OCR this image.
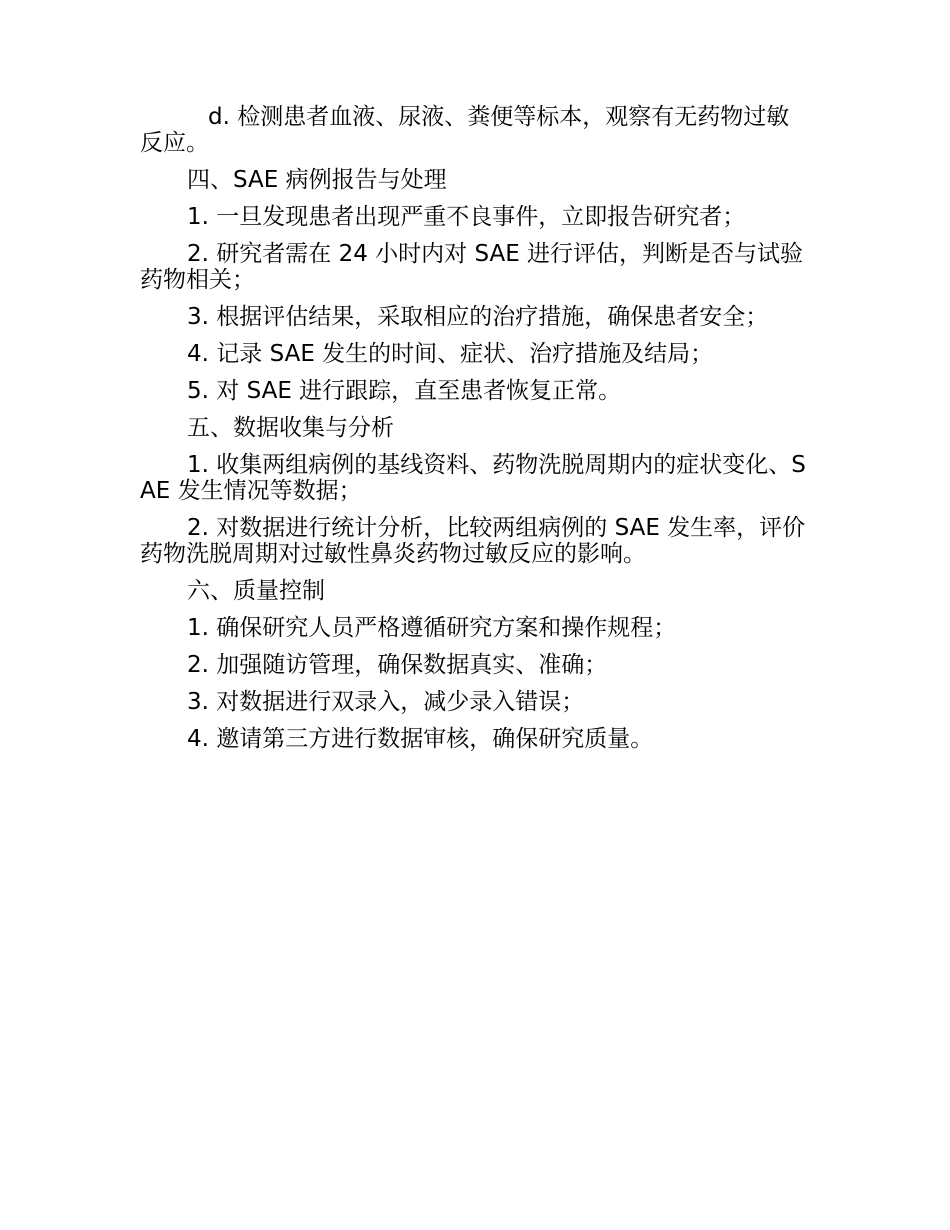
d. 检测患者血液、尿液、粪便等标本，观察有无药物过敏反应。

四、SAE 病例报告与处理

1. 一旦发现患者出现严重不良事件，立即报告研究者；

2. 研究者需在 24 小时内对 SAE 进行评估，判断是否与试验药物相关；

3. 根据评估结果，采取相应的治疗措施，确保患者安全；

4. 记录 SAE 发生的时间、症状、治疗措施及结局；

5. 对 SAE 进行跟踪，直至患者恢复正常。

五、数据收集与分析

1. 收集两组病例的基线资料、药物洗脱周期内的症状变化、SAE 发生情况等数据；

2. 对数据进行统计分析，比较两组病例的 SAE 发生率，评价药物洗脱周期对过敏性鼻炎药物过敏反应的影响。

六、质量控制

1. 确保研究人员严格遵循研究方案和操作规程；

2. 加强随访管理，确保数据真实、准确；

3. 对数据进行双录入，减少录入错误；

4. 邀请第三方进行数据审核，确保研究质量。
